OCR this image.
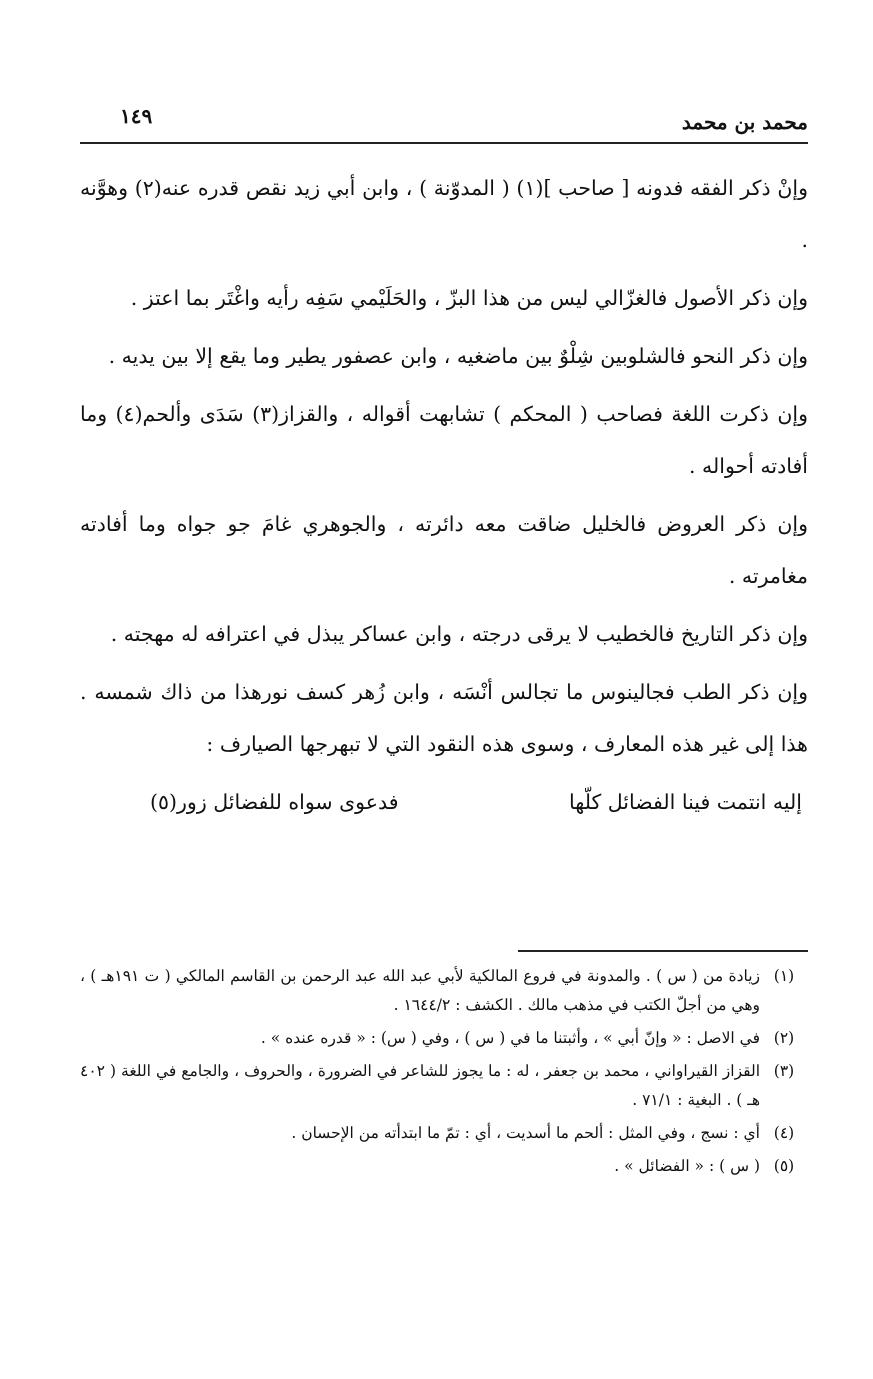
محمد بن محمد
١٤٩

وإنْ ذكر الفقه فدونه [ صاحب ](١) ( المدوّنة ) ، وابن أبي زيد نقص قدره عنه(٢) وهوَّنه .

وإن ذكر الأصول فالغزّالي ليس من هذا البزّ ، والحَلَيْمي سَفِه رأيه واغْتَر بما اعتز .

وإن ذكر النحو فالشلوبين شِلْوٌ بين ماضغيه ، وابن عصفور يطير وما يقع إلا بين يديه .

وإن ذكرت اللغة فصاحب ( المحكم ) تشابهت أقواله ، والقزاز(٣) سَدَى وألحم(٤) وما أفادته أحواله .

وإن ذكر العروض فالخليل ضاقت معه دائرته ، والجوهري غامَ جو جواه وما أفادته مغامرته .

وإن ذكر التاريخ فالخطيب لا يرقى درجته ، وابن عساكر يبذل في اعترافه له مهجته .

وإن ذكر الطب فجالينوس ما تجالس أنْسَه ، وابن زُهر كسف نورهذا من ذاك شمسه . هذا إلى غير هذه المعارف ، وسوى هذه النقود التي لا تبهرجها الصيارف :

إليه انتمت فينا الفضائل كلّها
فدعوى سواه للفضائل زور(٥)
(١)
زيادة من ( س ) . والمدونة في فروع المالكية لأبي عبد الله عبد الرحمن بن القاسم المالكي ( ت ١٩١هـ ) ، وهي من أجلّ الكتب في مذهب مالك . الكشف : ١٦٤٤/٢ .
(٢)
في الاصل : « وإنّ أبي » ، وأثبتنا ما في ( س ) ، وفي ( س) : « قدره عنده » .
(٣)
القزاز القيراواني ، محمد بن جعفر ، له : ما يجوز للشاعر في الضرورة ، والحروف ، والجامع في اللغة ( ٤٠٢ هـ ) . البغية : ٧١/١ .
(٤)
أي : نسج ، وفي المثل : ألحم ما أسديت ، أي : تمّ ما ابتدأته من الإحسان .
(٥)
( س ) : « الفضائل » .
